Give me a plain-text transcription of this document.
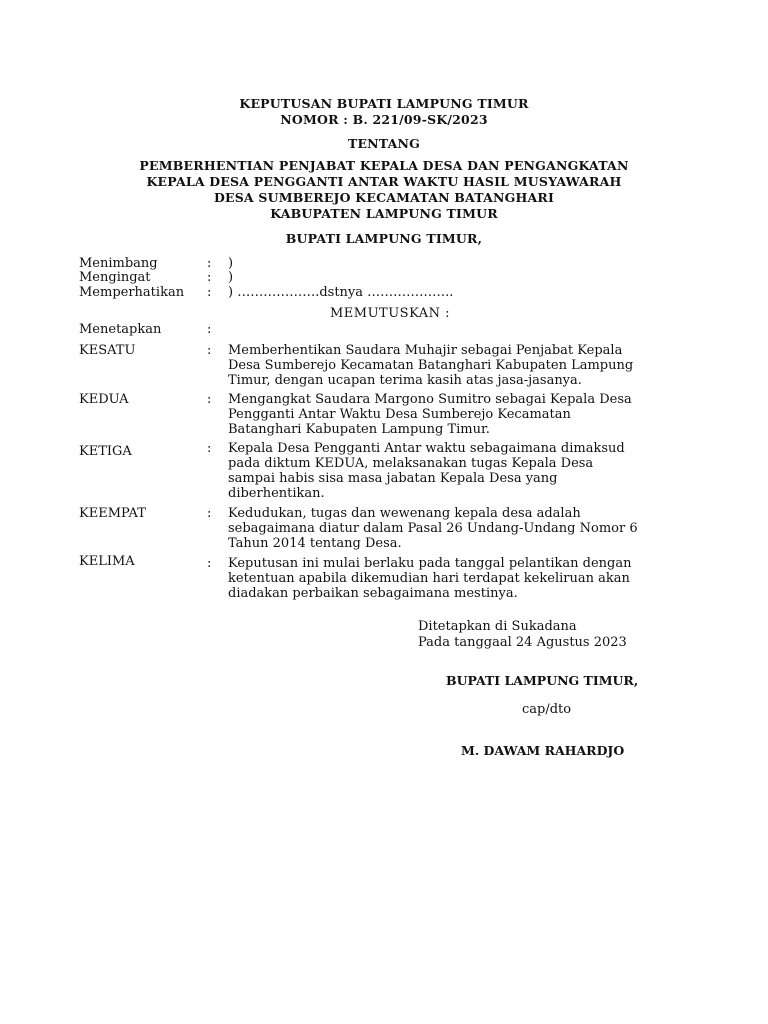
KEPUTUSAN BUPATI LAMPUNG TIMUR
NOMOR : B. 221/09-SK/2023
TENTANG
PEMBERHENTIAN PENJABAT KEPALA DESA DAN PENGANGKATAN
KEPALA DESA PENGGANTI ANTAR WAKTU HASIL MUSYAWARAH
DESA SUMBEREJO KECAMATAN BATANGHARI
KABUPATEN LAMPUNG TIMUR
BUPATI LAMPUNG TIMUR,
Menimbang	: )
Mengingat	: )
Memperhatikan : ) ……………….dstnya ………………..
MEMUTUSKAN :
Menetapkan	:
KESATU	: Memberhentikan Saudara Muhajir sebagai Penjabat Kepala
Desa Sumberejo Kecamatan Batanghari Kabupaten Lampung
Timur, dengan ucapan terima kasih atas jasa-jasanya.
KEDUA	: Mengangkat Saudara Margono Sumitro sebagai Kepala Desa
Pengganti Antar Waktu Desa Sumberejo Kecamatan
Batanghari Kabupaten Lampung Timur.
KETIGA	: Kepala Desa Pengganti Antar waktu sebagaimana dimaksud
pada diktum KEDUA, melaksanakan tugas Kepala Desa
sampai habis sisa masa jabatan Kepala Desa yang
diberhentikan.
KEEMPAT	: Kedudukan, tugas dan wewenang kepala desa adalah
sebagaimana diatur dalam Pasal 26 Undang-Undang Nomor 6
Tahun 2014 tentang Desa.
KELIMA	: Keputusan ini mulai berlaku pada tanggal pelantikan dengan
ketentuan apabila dikemudian hari terdapat kekeliruan akan
diadakan perbaikan sebagaimana mestinya.
Ditetapkan di Sukadana
Pada tanggaal 24 Agustus 2023
BUPATI LAMPUNG TIMUR,
cap/dto
M. DAWAM RAHARDJO
